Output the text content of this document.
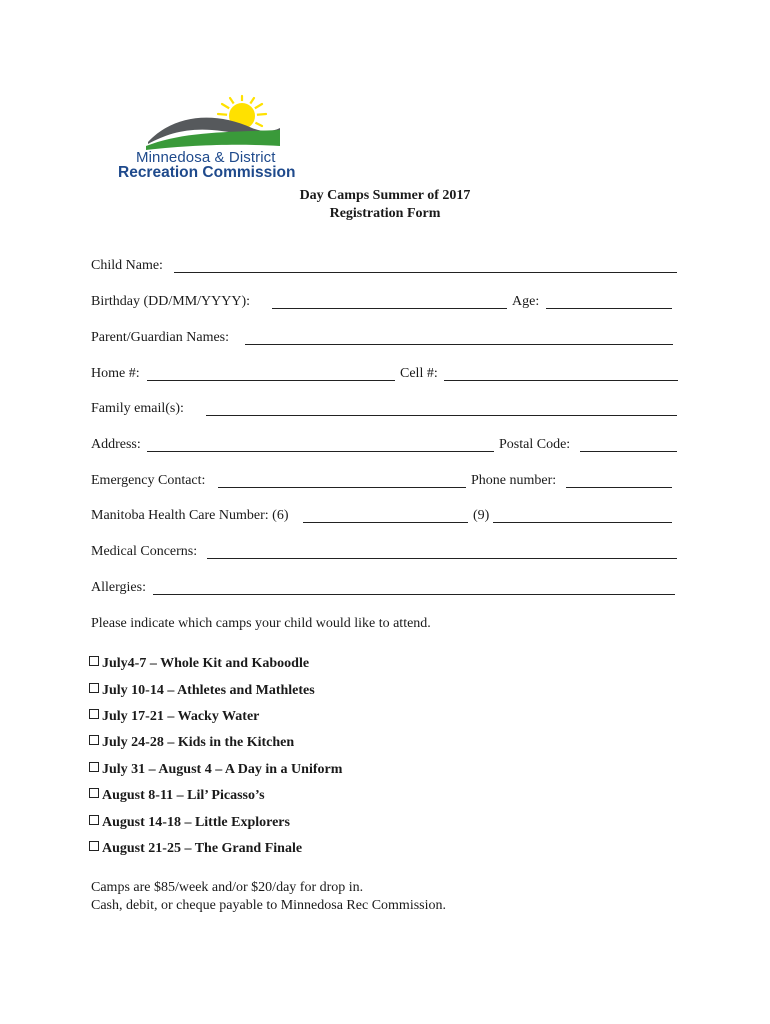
Minnedosa & District
Recreation Commission
Day Camps Summer of 2017
Registration Form
Child Name:
Birthday (DD/MM/YYYY):	Age:
Parent/Guardian Names:
Home #:	Cell #:
Family email(s):
Address:	Postal Code:
Emergency Contact:	Phone number:
Manitoba Health Care Number: (6)	(9)
Medical Concerns:
Allergies:
Please indicate which camps your child would like to attend.
July4-7 – Whole Kit and Kaboodle
July 10-14 – Athletes and Mathletes
July 17-21 – Wacky Water
July 24-28 – Kids in the Kitchen
July 31 – August 4 – A Day in a Uniform
August 8-11 – Lil’ Picasso’s
August 14-18 – Little Explorers
August 21-25 – The Grand Finale
Camps are $85/week and/or $20/day for drop in.
Cash, debit, or cheque payable to Minnedosa Rec Commission.
